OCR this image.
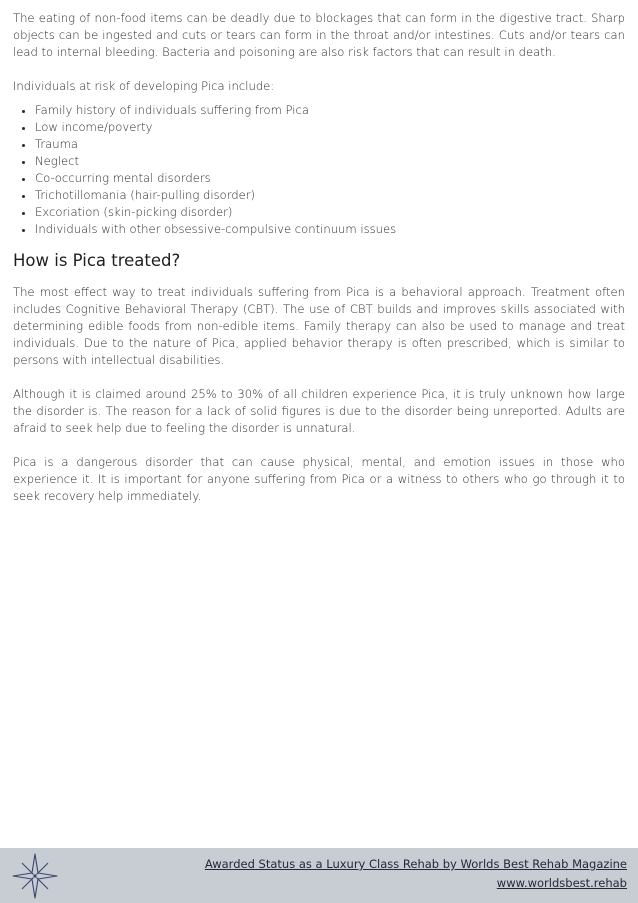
The eating of non-food items can be deadly due to blockages that can form in the digestive tract. Sharp objects can be ingested and cuts or tears can form in the throat and/or intestines. Cuts and/or tears can lead to internal bleeding. Bacteria and poisoning are also risk factors that can result in death.

Individuals at risk of developing Pica include:

• Family history of individuals suffering from Pica
• Low income/poverty
• Trauma
• Neglect
• Co-occurring mental disorders
• Trichotillomania (hair-pulling disorder)
• Excoriation (skin-picking disorder)
• Individuals with other obsessive-compulsive continuum issues
How is Pica treated?

The most effect way to treat individuals suffering from Pica is a behavioral approach. Treatment often includes Cognitive Behavioral Therapy (CBT). The use of CBT builds and improves skills associated with determining edible foods from non-edible items. Family therapy can also be used to manage and treat individuals. Due to the nature of Pica, applied behavior therapy is often prescribed, which is similar to persons with intellectual disabilities.

Although it is claimed around 25% to 30% of all children experience Pica, it is truly unknown how large the disorder is. The reason for a lack of solid figures is due to the disorder being unreported. Adults are afraid to seek help due to feeling the disorder is unnatural.

Pica is a dangerous disorder that can cause physical, mental, and emotion issues in those who experience it. It is important for anyone suffering from Pica or a witness to others who go through it to seek recovery help immediately.

Awarded Status as a Luxury Class Rehab by Worlds Best Rehab Magazine
www.worldsbest.rehab
